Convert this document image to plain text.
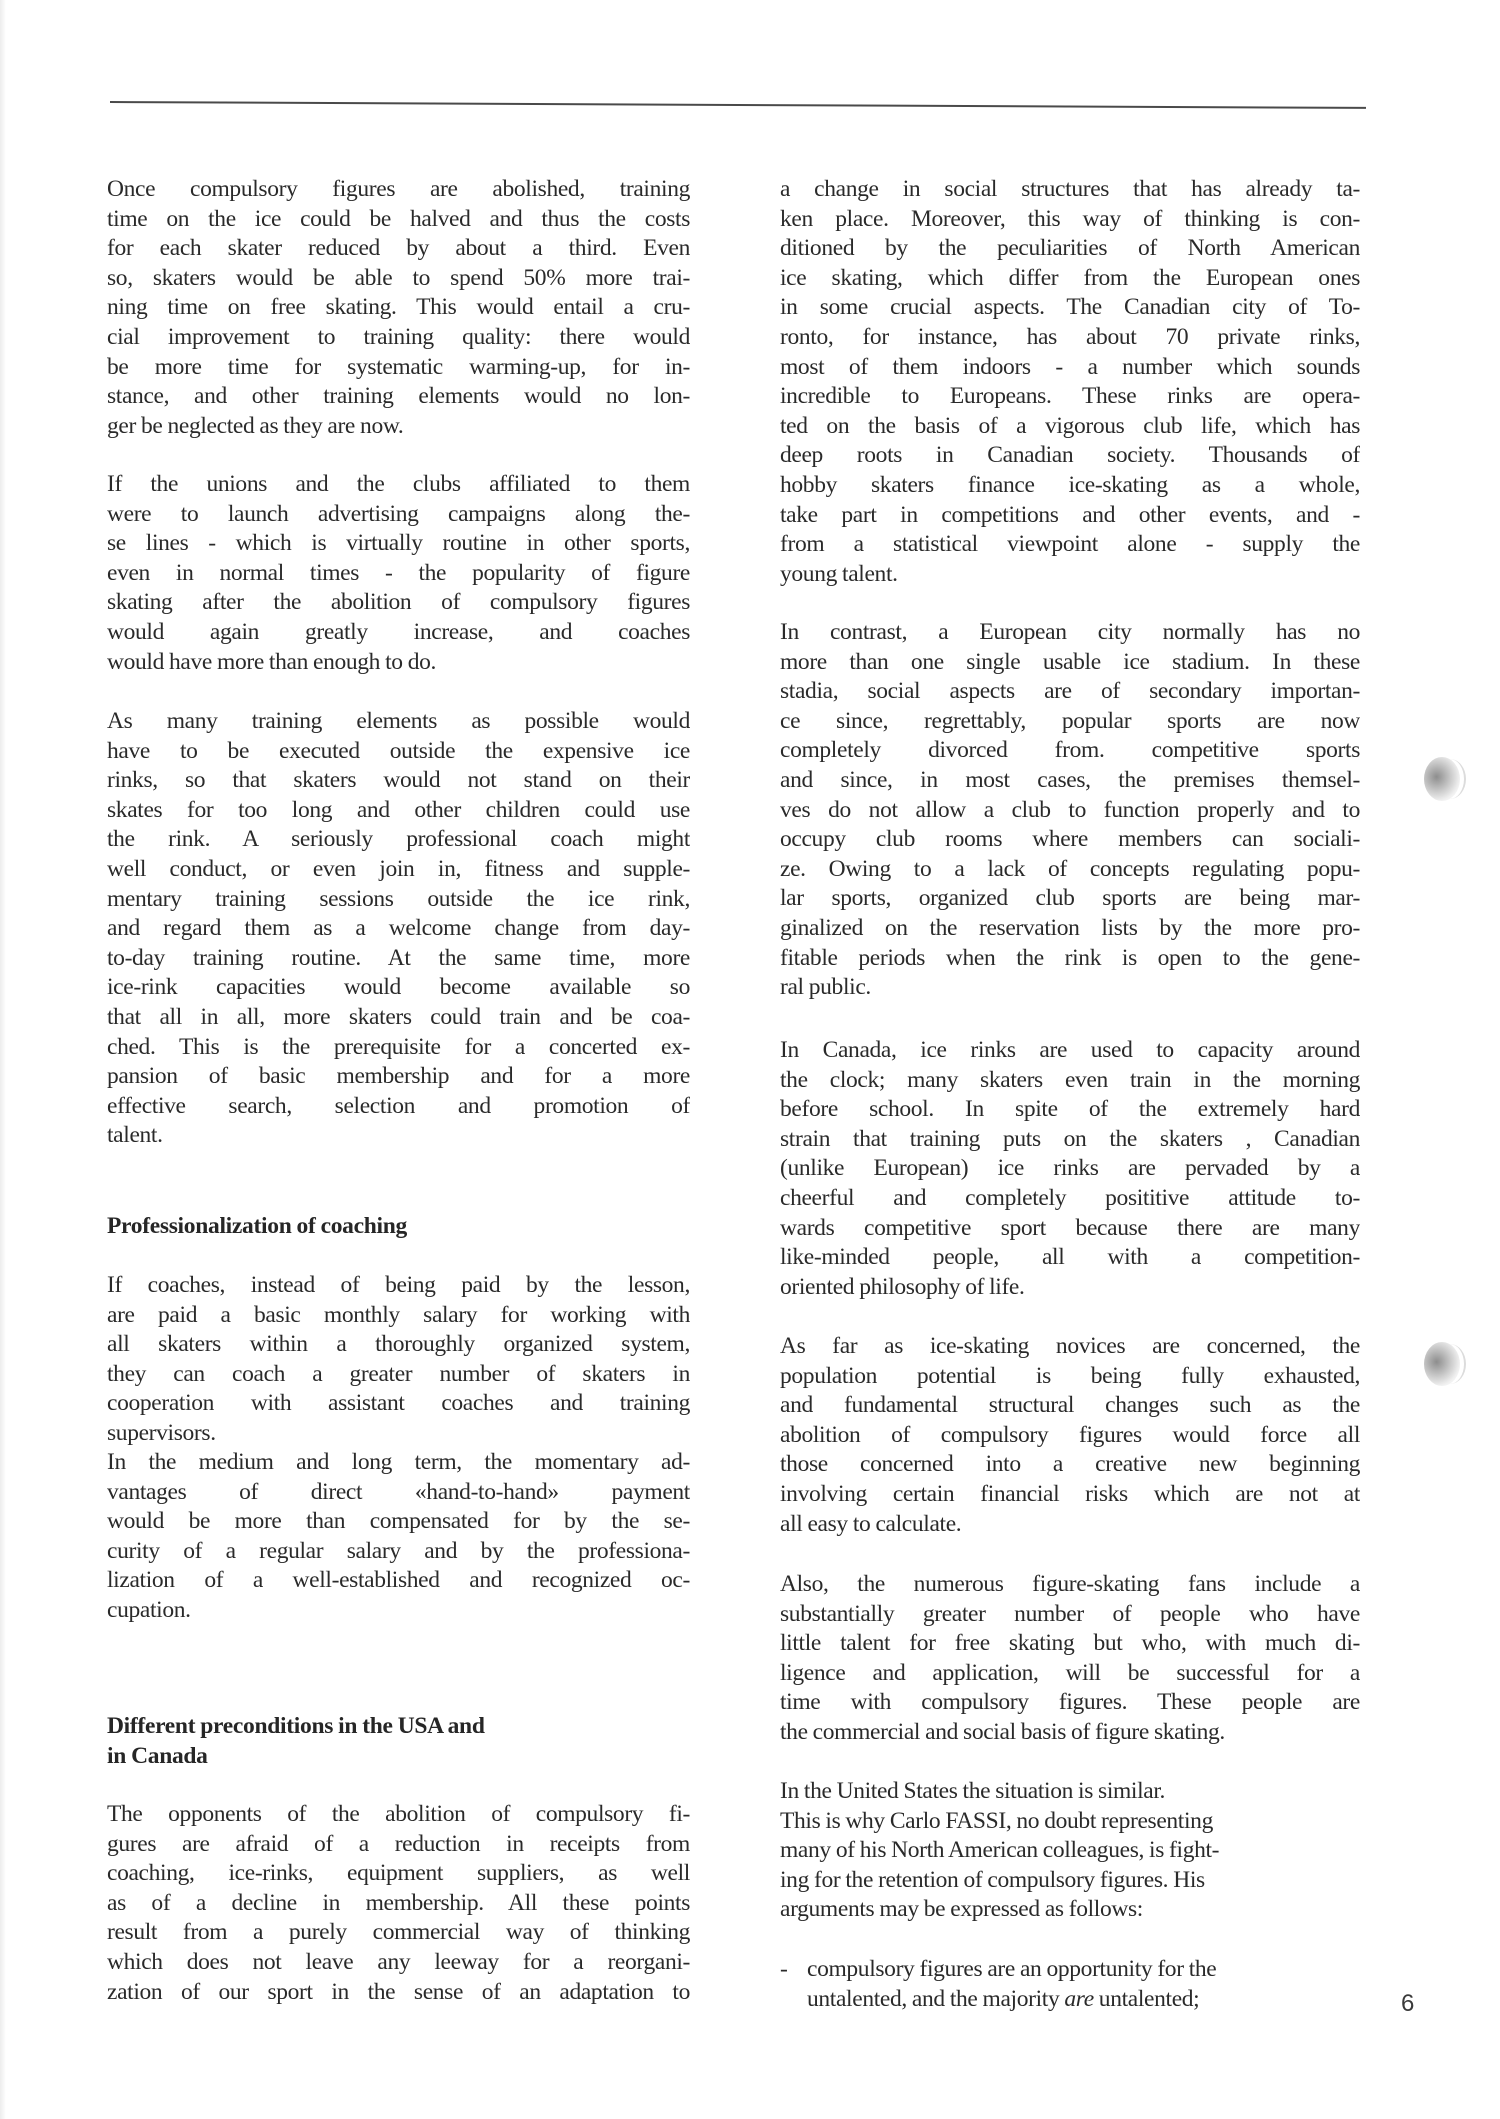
Once compulsory figures are abolished, training
time on the ice could be halved and thus the costs
for each skater reduced by about a third. Even
so, skaters would be able to spend 50% more trai-
ning time on free skating. This would entail a cru-
cial improvement to training quality: there would
be more time for systematic warming-up, for in-
stance, and other training elements would no lon-
ger be neglected as they are now.
If the unions and the clubs affiliated to them
were to launch advertising campaigns along the-
se lines - which is virtually routine in other sports,
even in normal times - the popularity of figure
skating after the abolition of compulsory figures
would again greatly increase, and coaches
would have more than enough to do.
As many training elements as possible would
have to be executed outside the expensive ice
rinks, so that skaters would not stand on their
skates for too long and other children could use
the rink. A seriously professional coach might
well conduct, or even join in, fitness and supple-
mentary training sessions outside the ice rink,
and regard them as a welcome change from day-
to-day training routine. At the same time, more
ice-rink capacities would become available so
that all in all, more skaters could train and be coa-
ched. This is the prerequisite for a concerted ex-
pansion of basic membership and for a more
effective search, selection and promotion of
talent.
Professionalization of coaching
If coaches, instead of being paid by the lesson,
are paid a basic monthly salary for working with
all skaters within a thoroughly organized system,
they can coach a greater number of skaters in
cooperation with assistant coaches and training
supervisors.
In the medium and long term, the momentary ad-
vantages of direct «hand-to-hand» payment
would be more than compensated for by the se-
curity of a regular salary and by the professiona-
lization of a well-established and recognized oc-
cupation.
Different preconditions in the USA and
in Canada
The opponents of the abolition of compulsory fi-
gures are afraid of a reduction in receipts from
coaching, ice-rinks, equipment suppliers, as well
as of a decline in membership. All these points
result from a purely commercial way of thinking
which does not leave any leeway for a reorgani-
zation of our sport in the sense of an adaptation to
a change in social structures that has already ta-
ken place. Moreover, this way of thinking is con-
ditioned by the peculiarities of North American
ice skating, which differ from the European ones
in some crucial aspects. The Canadian city of To-
ronto, for instance, has about 70 private rinks,
most of them indoors - a number which sounds
incredible to Europeans. These rinks are opera-
ted on the basis of a vigorous club life, which has
deep roots in Canadian society. Thousands of
hobby skaters finance ice-skating as a whole,
take part in competitions and other events, and -
from a statistical viewpoint alone - supply the
young talent.
In contrast, a European city normally has no
more than one single usable ice stadium. In these
stadia, social aspects are of secondary importan-
ce since, regrettably, popular sports are now
completely divorced from. competitive sports
and since, in most cases, the premises themsel-
ves do not allow a club to function properly and to
occupy club rooms where members can sociali-
ze. Owing to a lack of concepts regulating popu-
lar sports, organized club sports are being mar-
ginalized on the reservation lists by the more pro-
fitable periods when the rink is open to the gene-
ral public.
In Canada, ice rinks are used to capacity around
the clock; many skaters even train in the morning
before school. In spite of the extremely hard
strain that training puts on the skaters , Canadian
(unlike European) ice rinks are pervaded by a
cheerful and completely posititive attitude to-
wards competitive sport because there are many
like-minded people, all with a competition-
oriented philosophy of life.
As far as ice-skating novices are concerned, the
population potential is being fully exhausted,
and fundamental structural changes such as the
abolition of compulsory figures would force all
those concerned into a creative new beginning
involving certain financial risks which are not at
all easy to calculate.
Also, the numerous figure-skating fans include a
substantially greater number of people who have
little talent for free skating but who, with much di-
ligence and application, will be successful for a
time with compulsory figures. These people are
the commercial and social basis of figure skating.
In the United States the situation is similar.
This is why Carlo FASSI, no doubt representing
many of his North American colleagues, is fight-
ing for the retention of compulsory figures. His
arguments may be expressed as follows:
- compulsory figures are an opportunity for the
untalented, and the majority are untalented;	6
